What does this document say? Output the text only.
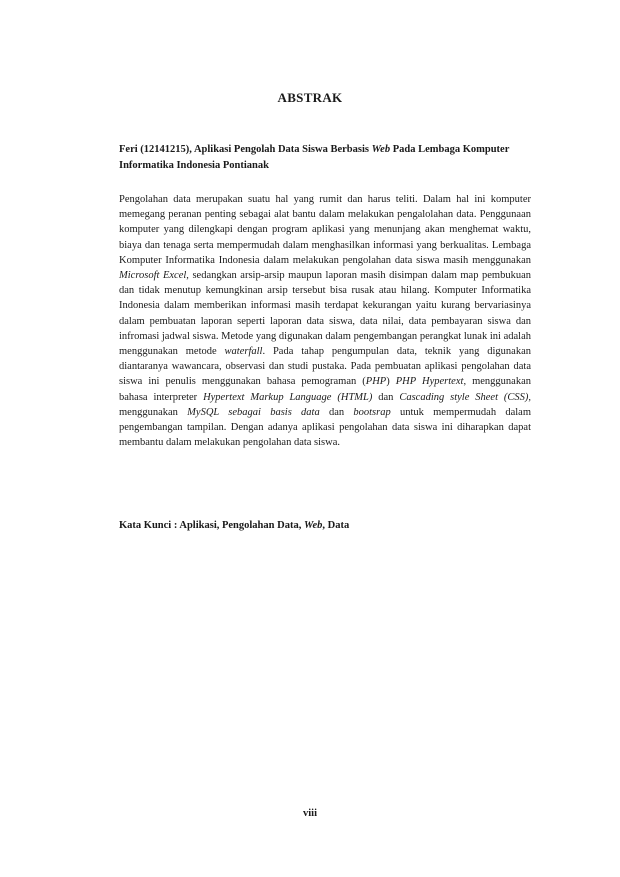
ABSTRAK
Feri (12141215), Aplikasi Pengolah Data Siswa Berbasis Web Pada Lembaga Komputer Informatika Indonesia Pontianak

Pengolahan data merupakan suatu hal yang rumit dan harus teliti. Dalam hal ini komputer memegang peranan penting sebagai alat bantu dalam melakukan pengalolahan data. Penggunaan komputer yang dilengkapi dengan program aplikasi yang menunjang akan menghemat waktu, biaya dan tenaga serta mempermudah dalam menghasilkan informasi yang berkualitas. Lembaga Komputer Informatika Indonesia dalam melakukan pengolahan data siswa masih menggunakan Microsoft Excel, sedangkan arsip-arsip maupun laporan masih disimpan dalam map pembukuan dan tidak menutup kemungkinan arsip tersebut bisa rusak atau hilang. Komputer Informatika Indonesia dalam memberikan informasi masih terdapat kekurangan yaitu kurang bervariasinya dalam pembuatan laporan seperti laporan data siswa, data nilai, data pembayaran siswa dan infromasi jadwal siswa. Metode yang digunakan dalam pengembangan perangkat lunak ini adalah menggunakan metode waterfall. Pada tahap pengumpulan data, teknik yang digunakan diantaranya wawancara, observasi dan studi pustaka. Pada pembuatan aplikasi pengolahan data siswa ini penulis menggunakan bahasa pemograman (PHP) PHP Hypertext, menggunakan bahasa interpreter Hypertext Markup Language (HTML) dan Cascading style Sheet (CSS), menggunakan MySQL sebagai basis data dan bootsrap untuk mempermudah dalam pengembangan tampilan. Dengan adanya aplikasi pengolahan data siswa ini diharapkan dapat membantu dalam melakukan pengolahan data siswa.

Kata Kunci : Aplikasi, Pengolahan Data, Web, Data
viii
